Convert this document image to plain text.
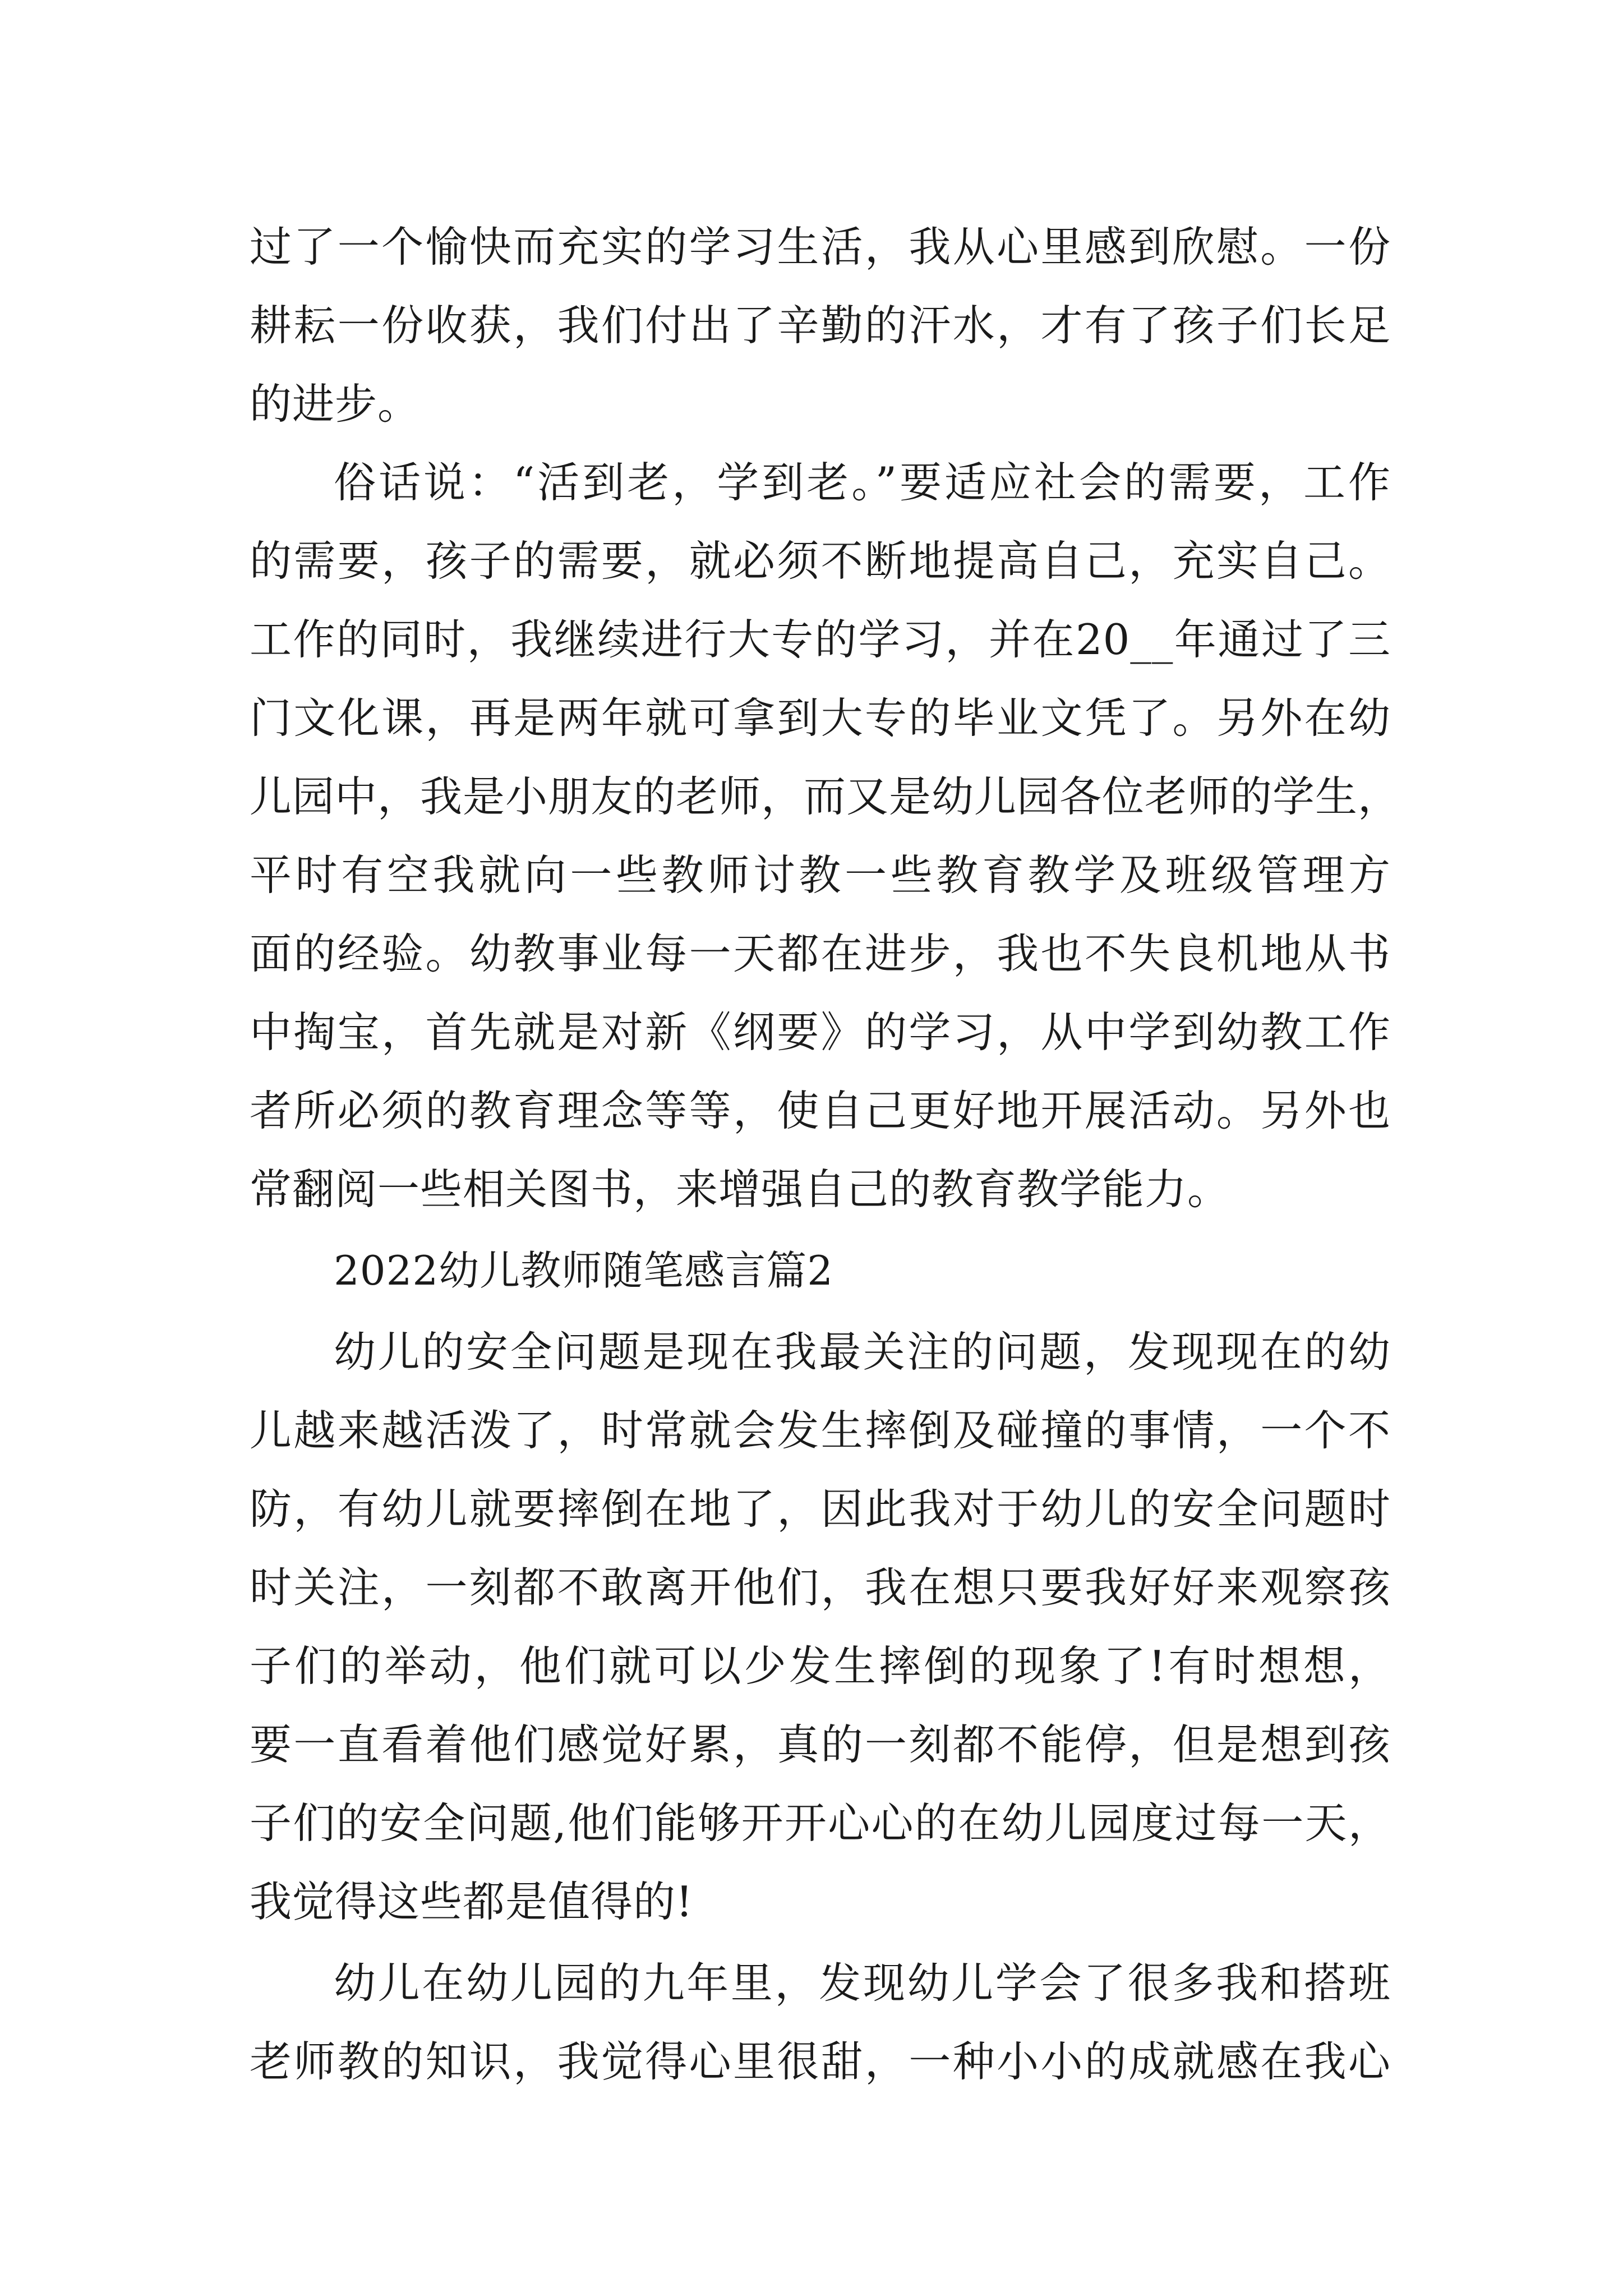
过了一个愉快而充实的学习生活，我从心里感到欣慰。一份
耕耘一份收获，我们付出了辛勤的汗水，才有了孩子们长足
的进步。
俗话说：“活到老，学到老。”要适应社会的需要，工作
的需要，孩子的需要，就必须不断地提高自己，充实自己。
工作的同时，我继续进行大专的学习，并在20__年通过了三
门文化课，再是两年就可拿到大专的毕业文凭了。另外在幼
儿园中，我是小朋友的老师，而又是幼儿园各位老师的学生，
平时有空我就向一些教师讨教一些教育教学及班级管理方
面的经验。幼教事业每一天都在进步，我也不失良机地从书
中掏宝，首先就是对新《纲要》的学习，从中学到幼教工作
者所必须的教育理念等等，使自己更好地开展活动。另外也
常翻阅一些相关图书，来增强自己的教育教学能力。
2022幼儿教师随笔感言篇2
幼儿的安全问题是现在我最关注的问题，发现现在的幼
儿越来越活泼了，时常就会发生摔倒及碰撞的事情，一个不
防，有幼儿就要摔倒在地了，因此我对于幼儿的安全问题时
时关注，一刻都不敢离开他们，我在想只要我好好来观察孩
子们的举动，他们就可以少发生摔倒的现象了!有时想想，
要一直看着他们感觉好累，真的一刻都不能停，但是想到孩
子们的安全问题,他们能够开开心心的在幼儿园度过每一天，
我觉得这些都是值得的!
幼儿在幼儿园的九年里，发现幼儿学会了很多我和搭班
老师教的知识，我觉得心里很甜，一种小小的成就感在我心
